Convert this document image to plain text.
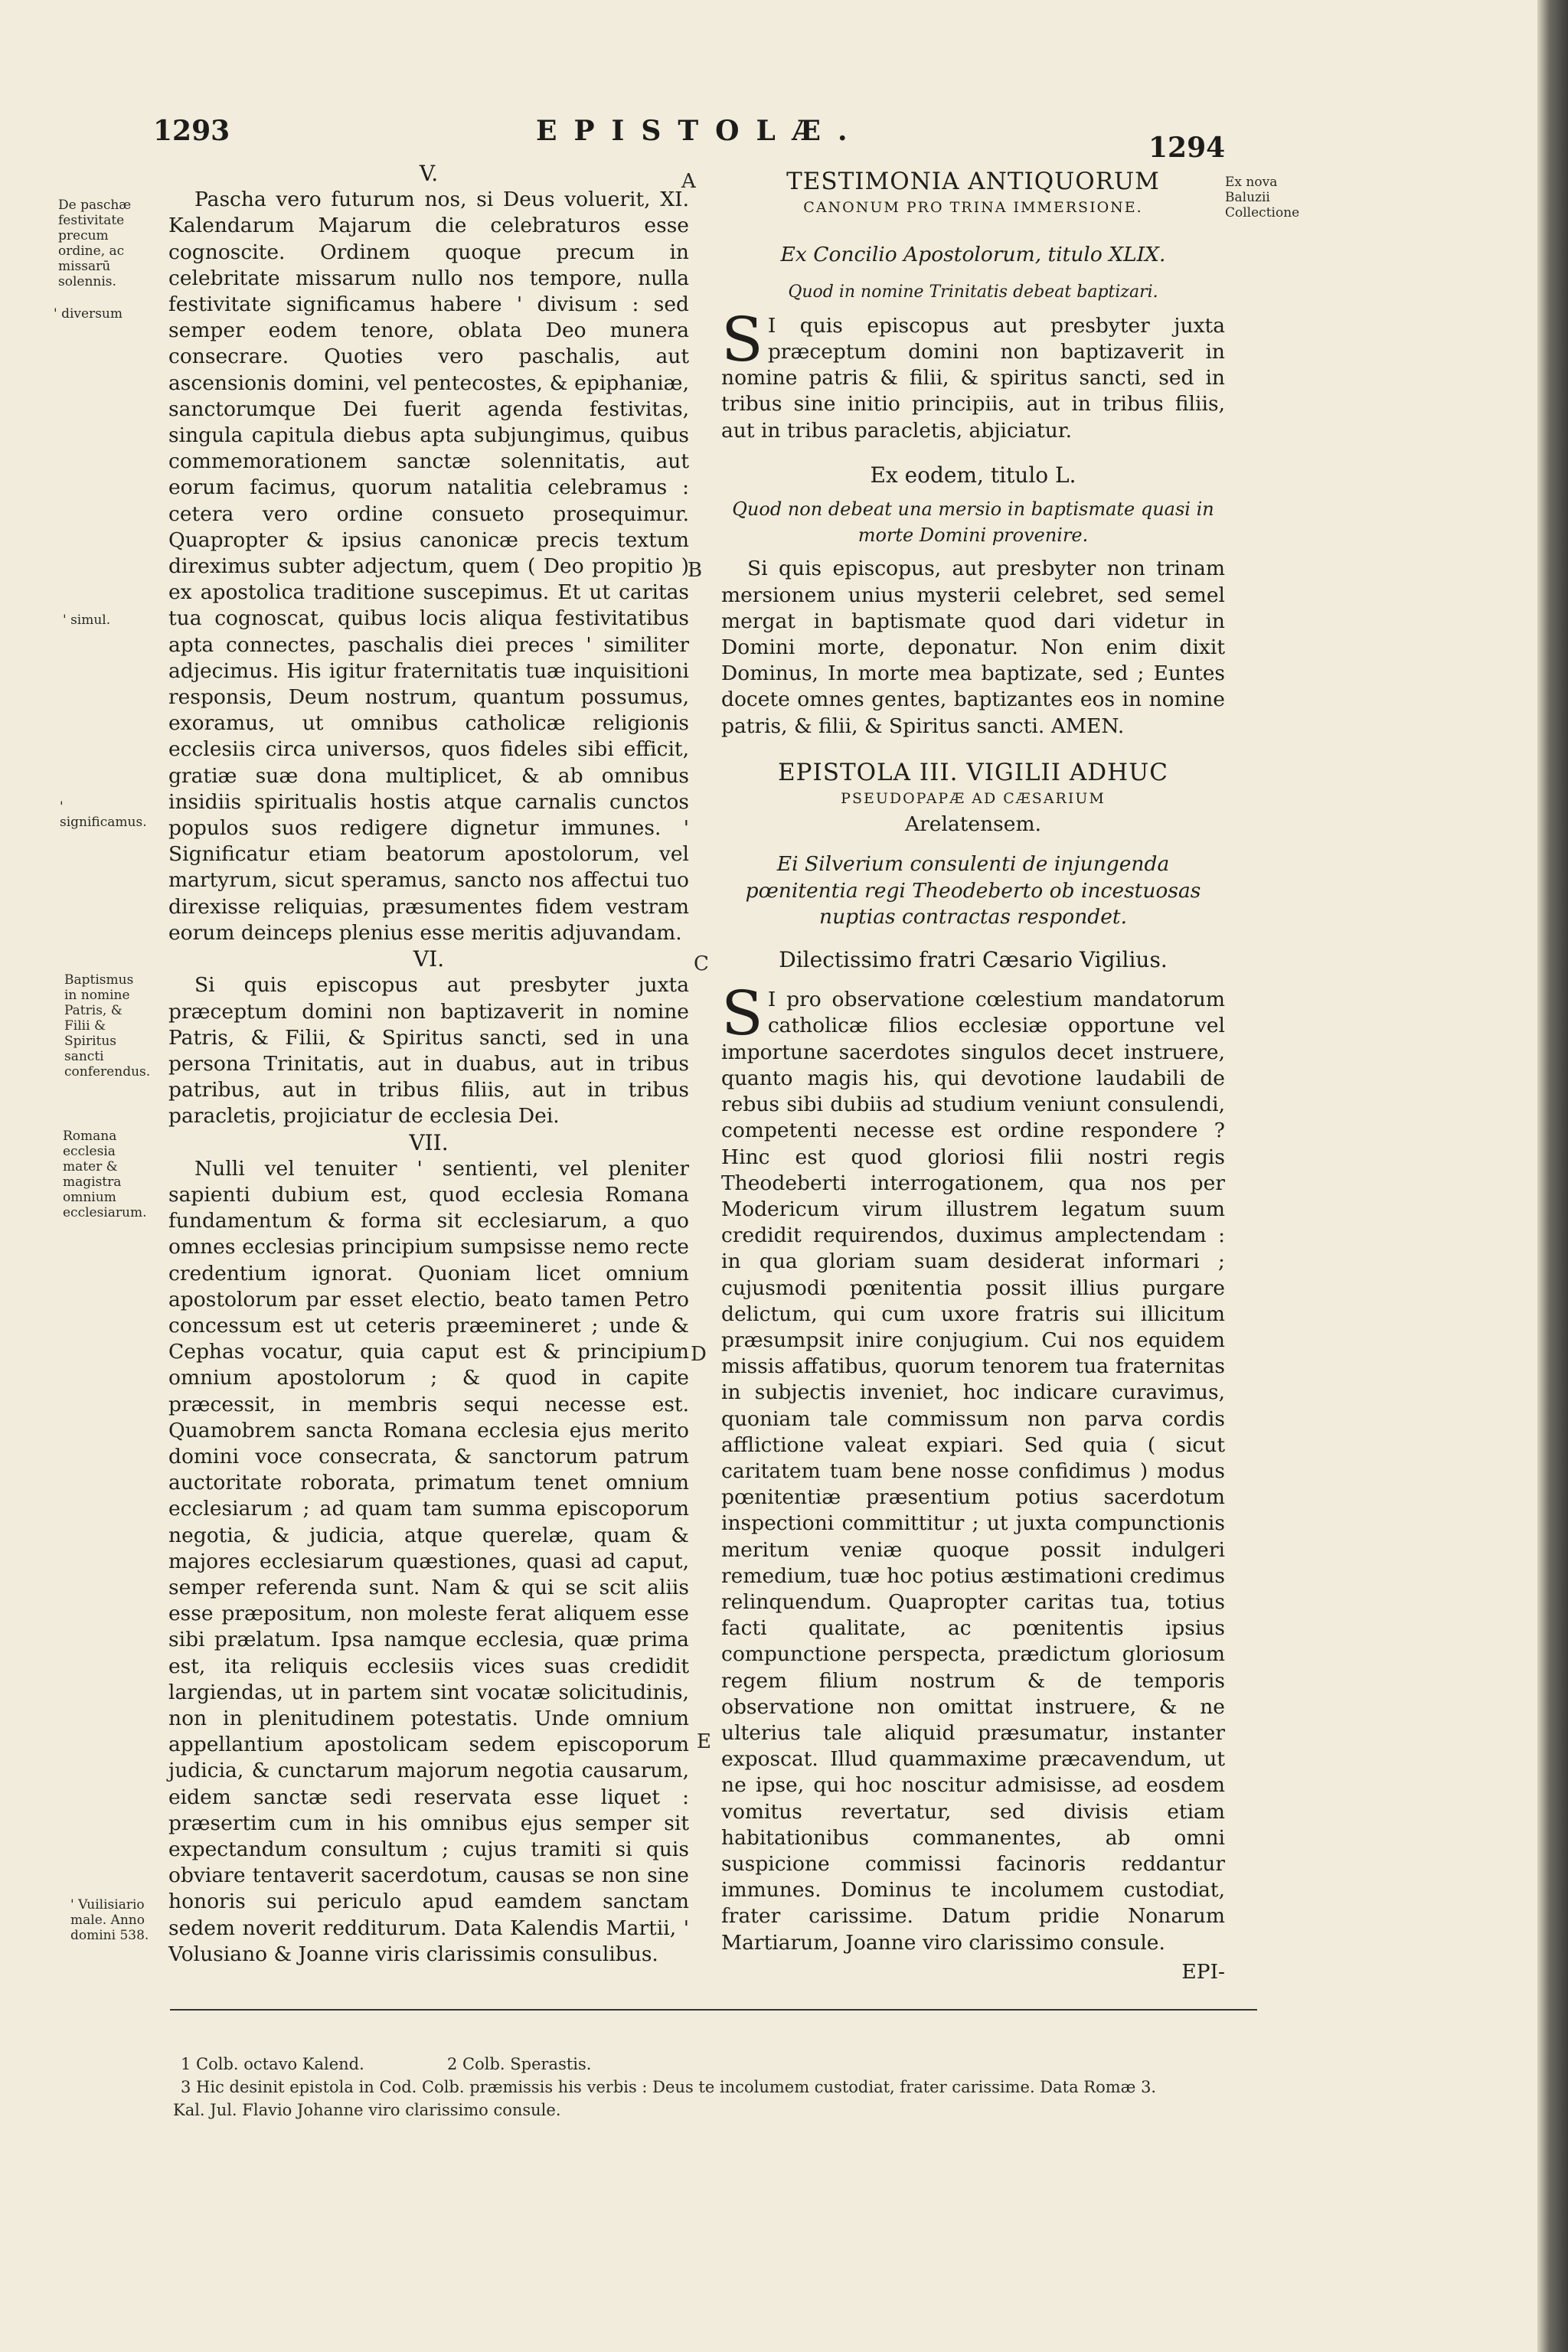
1293	EPISTOLÆ.
1294
De paschæ festivitate precum ordine, ac missarū solennis.
' diversum
' simul.
' significamus.
Baptismus in nomine Patris, & Filii & Spiritus sancti conferendus.
Romana ecclesia mater & magistra omnium ecclesiarum.
' Vuilisiario male. Anno domini 538.

V.

Pascha vero futurum nos, si Deus voluerit, XI. Kalendarum Majarum die celebraturos esse cognoscite. Ordinem quoque precum in celebritate missarum nullo nos tempore, nulla festivitate significamus habere ' divisum : sed semper eodem tenore, oblata Deo munera consecrare. Quoties vero paschalis, aut ascensionis domini, vel pentecostes, & epiphaniæ, sanctorumque Dei fuerit agenda festivitas, singula capitula diebus apta subjungimus, quibus commemorationem sanctæ solennitatis, aut eorum facimus, quorum natalitia celebramus : cetera vero ordine consueto prosequimur. Quapropter & ipsius canonicæ precis textum direximus subter adjectum, quem ( Deo propitio ) ex apostolica traditione suscepimus. Et ut caritas tua cognoscat, quibus locis aliqua festivitatibus apta connectes, paschalis diei preces ' similiter adjecimus. His igitur fraternitatis tuæ inquisitioni responsis, Deum nostrum, quantum possumus, exoramus, ut omnibus catholicæ religionis ecclesiis circa universos, quos fideles sibi efficit, gratiæ suæ dona multiplicet, & ab omnibus insidiis spiritualis hostis atque carnalis cunctos populos suos redigere dignetur immunes. ' Significatur etiam beatorum apostolorum, vel martyrum, sicut speramus, sancto nos affectui tuo direxisse reliquias, præsumentes fidem vestram eorum deinceps plenius esse meritis adjuvandam.

VI.

Si quis episcopus aut presbyter juxta præceptum domini non baptizaverit in nomine Patris, & Filii, & Spiritus sancti, sed in una persona Trinitatis, aut in duabus, aut in tribus patribus, aut in tribus filiis, aut in tribus paracletis, projiciatur de ecclesia Dei.

VII.

Nulli vel tenuiter ' sentienti, vel pleniter sapienti dubium est, quod ecclesia Romana fundamentum & forma sit ecclesiarum, a quo omnes ecclesias principium sumpsisse nemo recte credentium ignorat. Quoniam licet omnium apostolorum par esset electio, beato tamen Petro concessum est ut ceteris præemineret ; unde & Cephas vocatur, quia caput est & principium omnium apostolorum ; & quod in capite præcessit, in membris sequi necesse est. Quamobrem sancta Romana ecclesia ejus merito domini voce consecrata, & sanctorum patrum auctoritate roborata, primatum tenet omnium ecclesiarum ; ad quam tam summa episcoporum negotia, & judicia, atque querelæ, quam & majores ecclesiarum quæstiones, quasi ad caput, semper referenda sunt. Nam & qui se scit aliis esse præpositum, non moleste ferat aliquem esse sibi prælatum. Ipsa namque ecclesia, quæ prima est, ita reliquis ecclesiis vices suas credidit largiendas, ut in partem sint vocatæ solicitudinis, non in plenitudinem potestatis. Unde omnium appellantium apostolicam sedem episcoporum judicia, & cunctarum majorum negotia causarum, eidem sanctæ sedi reservata esse liquet : præsertim cum in his omnibus ejus semper sit expectandum consultum ; cujus tramiti si quis obviare tentaverit sacerdotum, causas se non sine honoris sui periculo apud eamdem sanctam sedem noverit redditurum. Data Kalendis Martii, ' Volusiano & Joanne viris clarissimis consulibus.

A
B
C
D
E
Ex nova Baluzii Collectione

TESTIMONIA ANTIQUORUM

CANONUM PRO TRINA IMMERSIONE.

Ex Concilio Apostolorum, titulo XLIX.

Quod in nomine Trinitatis debeat baptizari.

S I quis episcopus aut presbyter juxta præceptum domini non baptizaverit in nomine patris & filii, & spiritus sancti, sed in tribus sine initio principiis, aut in tribus filiis, aut in tribus paracletis, abjiciatur.

Ex eodem, titulo L.

Quod non debeat una mersio in baptismate quasi in morte Domini provenire.

Si quis episcopus, aut presbyter non trinam mersionem unius mysterii celebret, sed semel mergat in baptismate quod dari videtur in Domini morte, deponatur. Non enim dixit Dominus, In morte mea baptizate, sed ; Euntes docete omnes gentes, baptizantes eos in nomine patris, & filii, & Spiritus sancti. AMEN.

EPISTOLA III. VIGILII ADHUC

PSEUDOPAPÆ AD CÆSARIUM

Arelatensem.

Ei Silverium consulenti de injungenda pœnitentia regi Theodeberto ob incestuosas nuptias contractas respondet.

Dilectissimo fratri Cæsario Vigilius.

S I pro observatione cœlestium mandatorum catholicæ filios ecclesiæ opportune vel importune sacerdotes singulos decet instruere, quanto magis his, qui devotione laudabili de rebus sibi dubiis ad studium veniunt consulendi, competenti necesse est ordine respondere ? Hinc est quod gloriosi filii nostri regis Theodeberti interrogationem, qua nos per Modericum virum illustrem legatum suum credidit requirendos, duximus amplectendam : in qua gloriam suam desiderat informari ; cujusmodi pœnitentia possit illius purgare delictum, qui cum uxore fratris sui illicitum præsumpsit inire conjugium. Cui nos equidem missis affatibus, quorum tenorem tua fraternitas in subjectis inveniet, hoc indicare curavimus, quoniam tale commissum non parva cordis afflictione valeat expiari. Sed quia ( sicut caritatem tuam bene nosse confidimus ) modus pœnitentiæ præsentium potius sacerdotum inspectioni committitur ; ut juxta compunctionis meritum veniæ quoque possit indulgeri remedium, tuæ hoc potius æstimationi credimus relinquendum. Quapropter caritas tua, totius facti qualitate, ac pœnitentis ipsius compunctione perspecta, prædictum gloriosum regem filium nostrum & de temporis observatione non omittat instruere, & ne ulterius tale aliquid præsumatur, instanter exposcat. Illud quammaxime præcavendum, ut ne ipse, qui hoc noscitur admisisse, ad eosdem vomitus revertatur, sed divisis etiam habitationibus commanentes, ab omni suspicione commissi facinoris reddantur immunes. Dominus te incolumem custodiat, frater carissime. Datum pridie Nonarum Martiarum, Joanne viro clarissimo consule.

EPI-

1 Colb. octavo Kalend.	2 Colb. Sperastis.
3 Hic desinit epistola in Cod. Colb. præmissis his verbis : Deus te incolumem custodiat, frater carissime. Data Romæ 3.
Kal. Jul. Flavio Johanne viro clarissimo consule.
